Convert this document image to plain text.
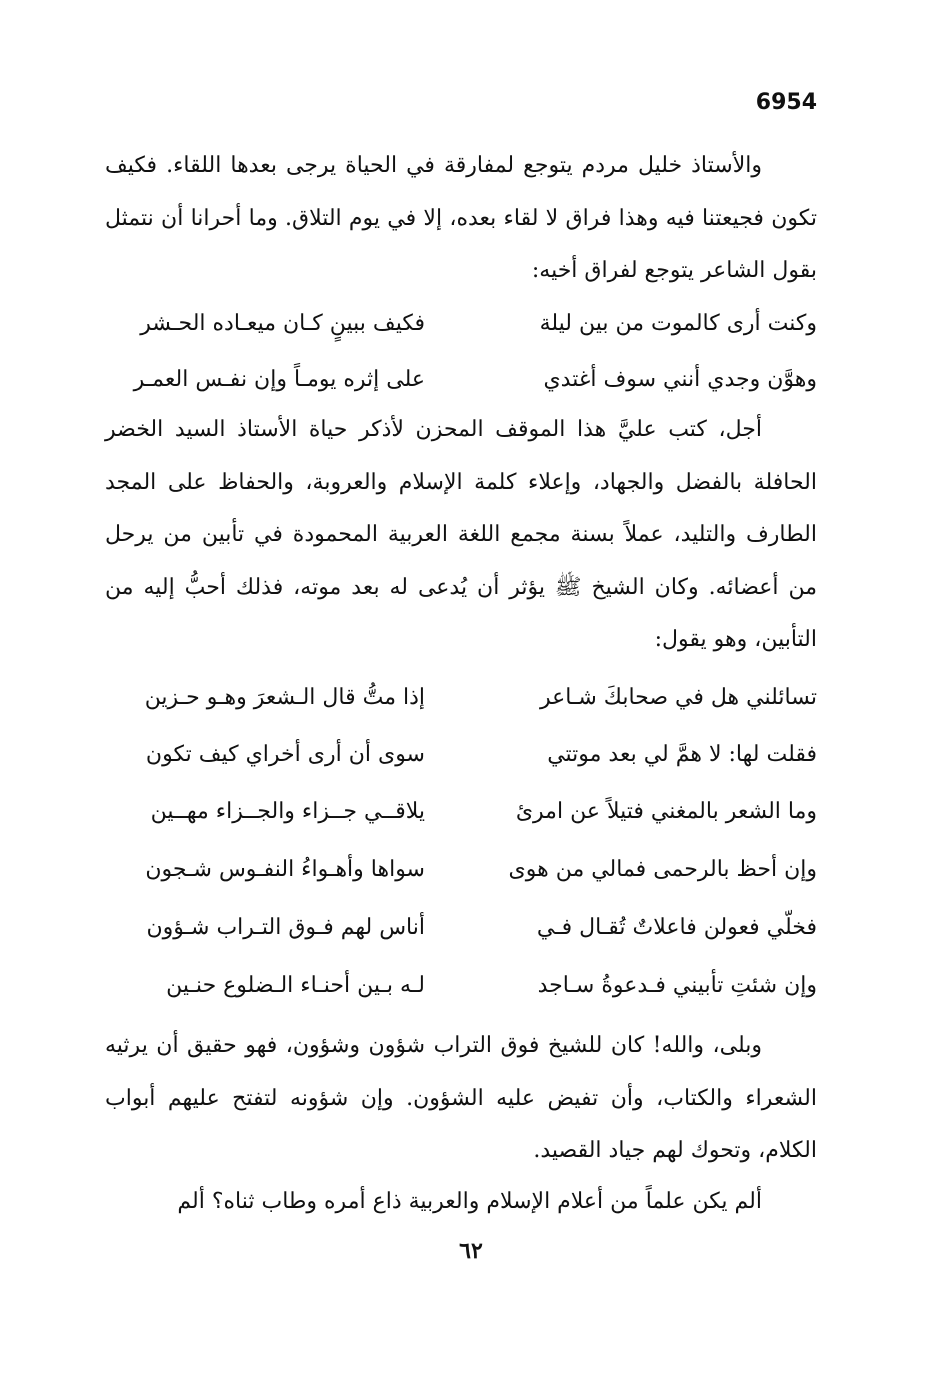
6954
والأستاذ خليل مردم يتوجع لمفارقة في الحياة يرجى بعدها اللقاء. فكيف تكون فجيعتنا فيه وهذا فراق لا لقاء بعده، إلا في يوم التلاق. وما أحرانا أن نتمثل بقول الشاعر يتوجع لفراق أخيه:
وكنت أرى كالموت من بين ليلة
فكيف ببينٍ كـان ميعـاده الحـشر
وهوَّن وجدي أنني سوف أغتدي
على إثره يومـاً وإن نفـس العمـر
أجل، كتب عليَّ هذا الموقف المحزن لأذكر حياة الأستاذ السيد الخضر الحافلة بالفضل والجهاد، وإعلاء كلمة الإسلام والعروبة، والحفاظ على المجد الطارف والتليد، عملاً بسنة مجمع اللغة العربية المحمودة في تأبين من يرحل من أعضائه. وكان الشيخ ﷺ يؤثر أن يُدعى له بعد موته، فذلك أحبُّ إليه من التأبين، وهو يقول:
تسائلني هل في صحابكَ شـاعر
إذا متُّ قال الـشعرَ وهـو حـزين
فقلت لها: لا همَّ لي بعد موتتي
سوى أن أرى أخراي كيف تكون
وما الشعر بالمغني فتيلاً عن امرئ
يلاقــي جــزاء والجــزاء مهــين
وإن أحظ بالرحمى فمالي من هوى
سواها وأهـواءُ النفـوس شـجون
فخلّي فعولن فاعلاتٌ تُقـال فـي
أناس لهم فـوق التـراب شـؤون
وإن شئتِ تأبيني فـدعوةُ سـاجد
لـه بـين أحنـاء الـضلوع حنـين
وبلى، والله! كان للشيخ فوق التراب شؤون وشؤون، فهو حقيق أن يرثيه الشعراء والكتاب، وأن تفيض عليه الشؤون. وإن شؤونه لتفتح عليهم أبواب الكلام، وتحوك لهم جياد القصيد.
ألم يكن علماً من أعلام الإسلام والعربية ذاع أمره وطاب ثناه؟ ألم
٦٢
